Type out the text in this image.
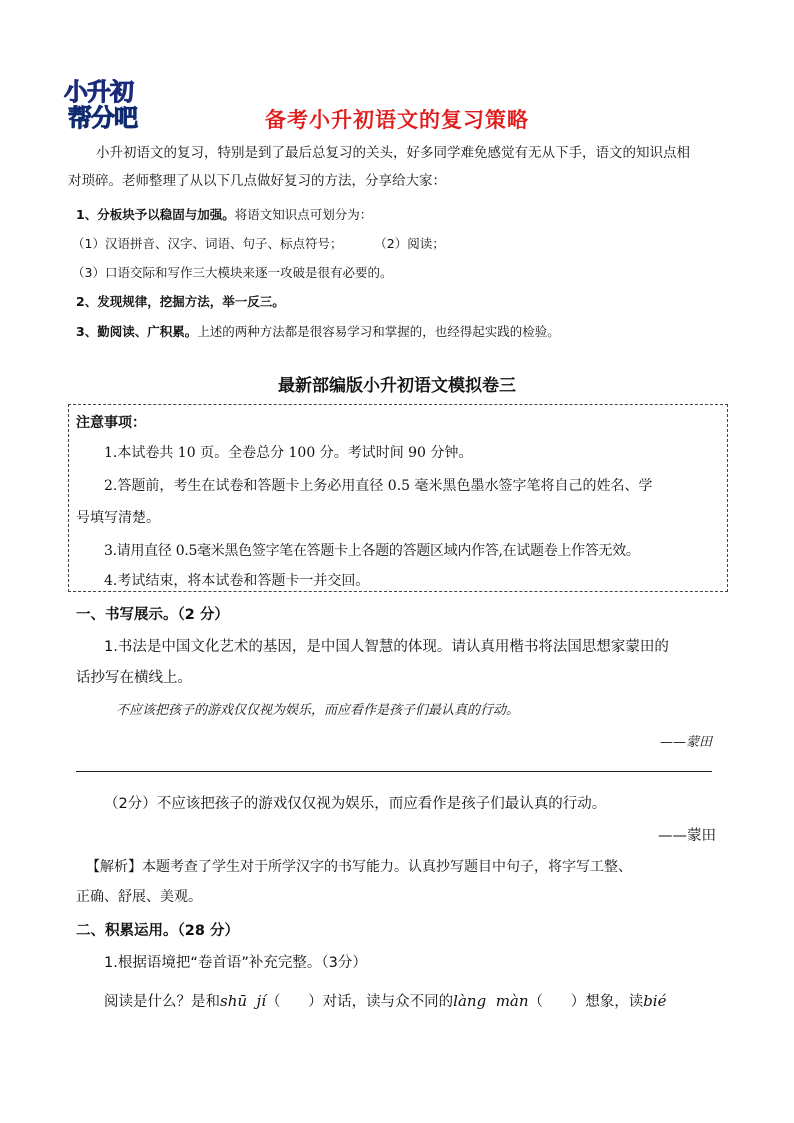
小升初
帮分吧	备考小升初语文的复习策略
小升初语文的复习，特别是到了最后总复习的关头，好多同学难免感觉有无从下手，语文的知识点相
对琐碎。老师整理了从以下几点做好复习的方法，分享给大家：
1、分板块予以稳固与加强。将语文知识点可划分为：
（1）汉语拼音、汉字、词语、句子、标点符号；        （2）阅读；
（3）口语交际和写作三大模块来逐一攻破是很有必要的。
2、发现规律，挖掘方法，举一反三。
3、勤阅读、广积累。上述的两种方法都是很容易学习和掌握的，也经得起实践的检验。
最新部编版小升初语文模拟卷三
注意事项：
1.本试卷共 10 页。全卷总分 100 分。考试时间 90 分钟。
2.答题前，考生在试卷和答题卡上务必用直径 0.5 毫米黑色墨水签字笔将自己的姓名、学
号填写清楚。
3.请用直径 0.5毫米黑色签字笔在答题卡上各题的答题区域内作答,在试题卷上作答无效。
4.考试结束，将本试卷和答题卡一并交回。
一、书写展示。（2 分）
1.书法是中国文化艺术的基因，是中国人智慧的体现。请认真用楷书将法国思想家蒙田的
话抄写在横线上。
不应该把孩子的游戏仅仅视为娱乐，而应看作是孩子们最认真的行动。
——蒙田
（2分）不应该把孩子的游戏仅仅视为娱乐，而应看作是孩子们最认真的行动。
——蒙田
【解析】本题考查了学生对于所学汉字的书写能力。认真抄写题目中句子，将字写工整、
正确、舒展、美观。
二、积累运用。（28 分）
1.根据语境把“卷首语”补充完整。（3分）
阅读是什么？是和shū  jí（      ）对话，读与众不同的làng  màn（      ）想象，读bié
